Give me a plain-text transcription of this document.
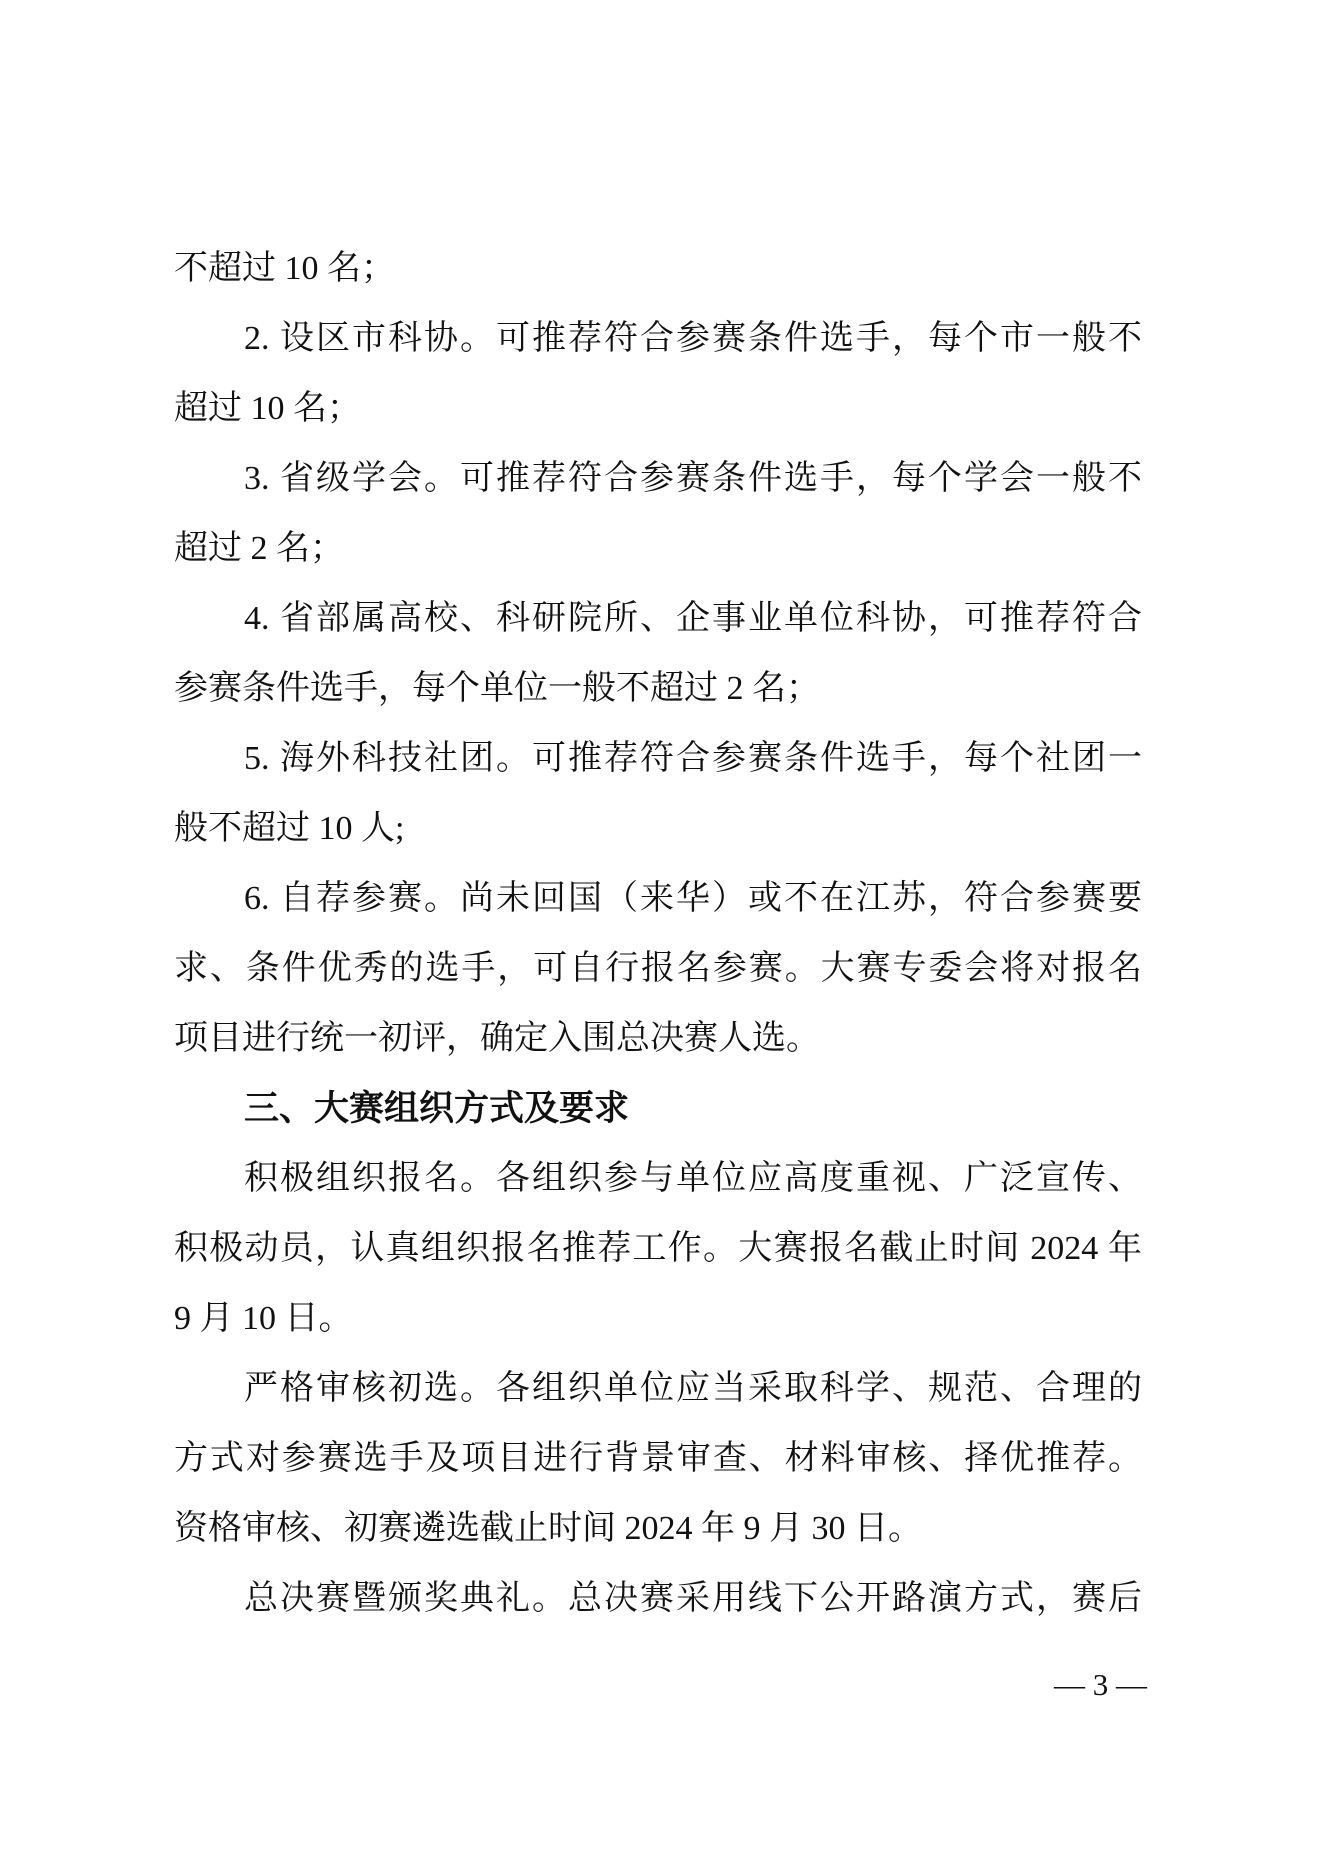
不超过 10 名；
2. 设区市科协。可推荐符合参赛条件选手，每个市一般不
超过 10 名；
3. 省级学会。可推荐符合参赛条件选手，每个学会一般不
超过 2 名；
4. 省部属高校、科研院所、企事业单位科协，可推荐符合
参赛条件选手，每个单位一般不超过 2 名；
5. 海外科技社团。可推荐符合参赛条件选手，每个社团一
般不超过 10 人;
6. 自荐参赛。尚未回国（来华）或不在江苏，符合参赛要
求、条件优秀的选手，可自行报名参赛。大赛专委会将对报名
项目进行统一初评，确定入围总决赛人选。
三、大赛组织方式及要求
积极组织报名。各组织参与单位应高度重视、广泛宣传、
积极动员，认真组织报名推荐工作。大赛报名截止时间 2024 年
9 月 10 日。
严格审核初选。各组织单位应当采取科学、规范、合理的
方式对参赛选手及项目进行背景审查、材料审核、择优推荐。
资格审核、初赛遴选截止时间 2024 年 9 月 30 日。
总决赛暨颁奖典礼。总决赛采用线下公开路演方式，赛后
— 3 —
